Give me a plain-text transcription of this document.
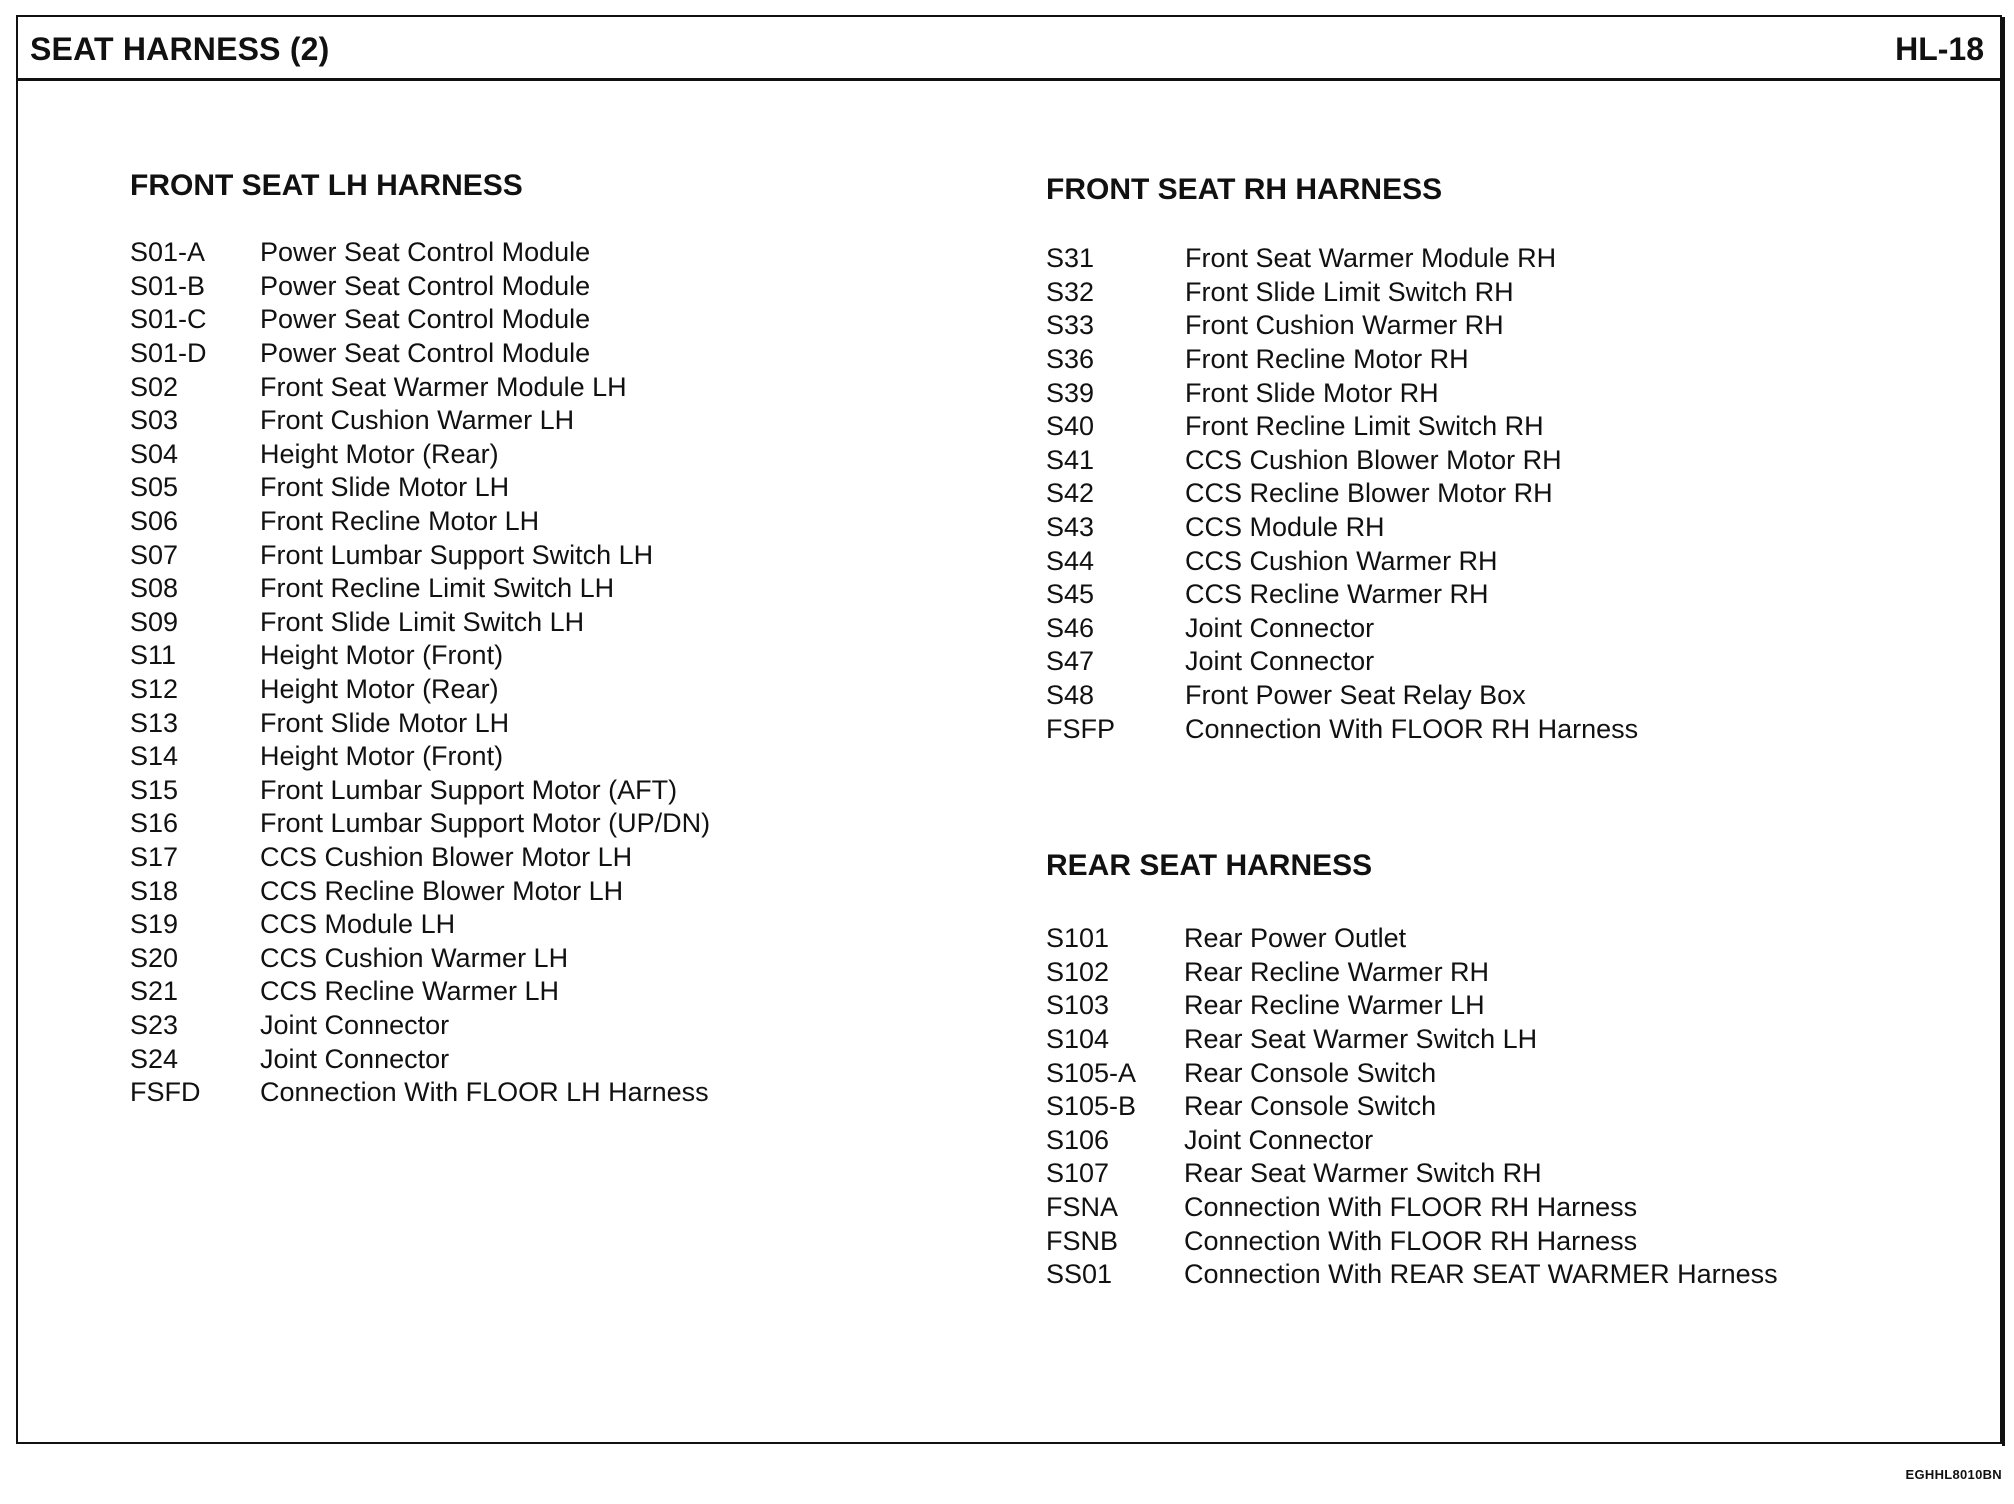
SEAT HARNESS (2)	HL-18
FRONT SEAT LH HARNESS
S01-A	Power Seat Control Module
S01-B	Power Seat Control Module
S01-C	Power Seat Control Module
S01-D	Power Seat Control Module
S02	Front Seat Warmer Module LH
S03	Front Cushion Warmer LH
S04	Height Motor (Rear)
S05	Front Slide Motor LH
S06	Front Recline Motor LH
S07	Front Lumbar Support Switch LH
S08	Front Recline Limit Switch LH
S09	Front Slide Limit Switch LH
S11	Height Motor (Front)
S12	Height Motor (Rear)
S13	Front Slide Motor LH
S14	Height Motor (Front)
S15	Front Lumbar Support Motor (AFT)
S16	Front Lumbar Support Motor (UP/DN)
S17	CCS Cushion Blower Motor LH
S18	CCS Recline Blower Motor LH
S19	CCS Module LH
S20	CCS Cushion Warmer LH
S21	CCS Recline Warmer LH
S23	Joint Connector
S24	Joint Connector
FSFD	Connection With FLOOR LH Harness
FRONT SEAT RH HARNESS
S31	Front Seat Warmer Module RH
S32	Front Slide Limit Switch RH
S33	Front Cushion Warmer RH
S36	Front Recline Motor RH
S39	Front Slide Motor RH
S40	Front Recline Limit Switch RH
S41	CCS Cushion Blower Motor RH
S42	CCS Recline Blower Motor RH
S43	CCS Module RH
S44	CCS Cushion Warmer RH
S45	CCS Recline Warmer RH
S46	Joint Connector
S47	Joint Connector
S48	Front Power Seat Relay Box
FSFP	Connection With FLOOR RH Harness
REAR SEAT HARNESS
S101	Rear Power Outlet
S102	Rear Recline Warmer RH
S103	Rear Recline Warmer LH
S104	Rear Seat Warmer Switch LH
S105-A	Rear Console Switch
S105-B	Rear Console Switch
S106	Joint Connector
S107	Rear Seat Warmer Switch RH
FSNA	Connection With FLOOR RH Harness
FSNB	Connection With FLOOR RH Harness
SS01	Connection With REAR SEAT WARMER Harness
EGHHL8010BN
